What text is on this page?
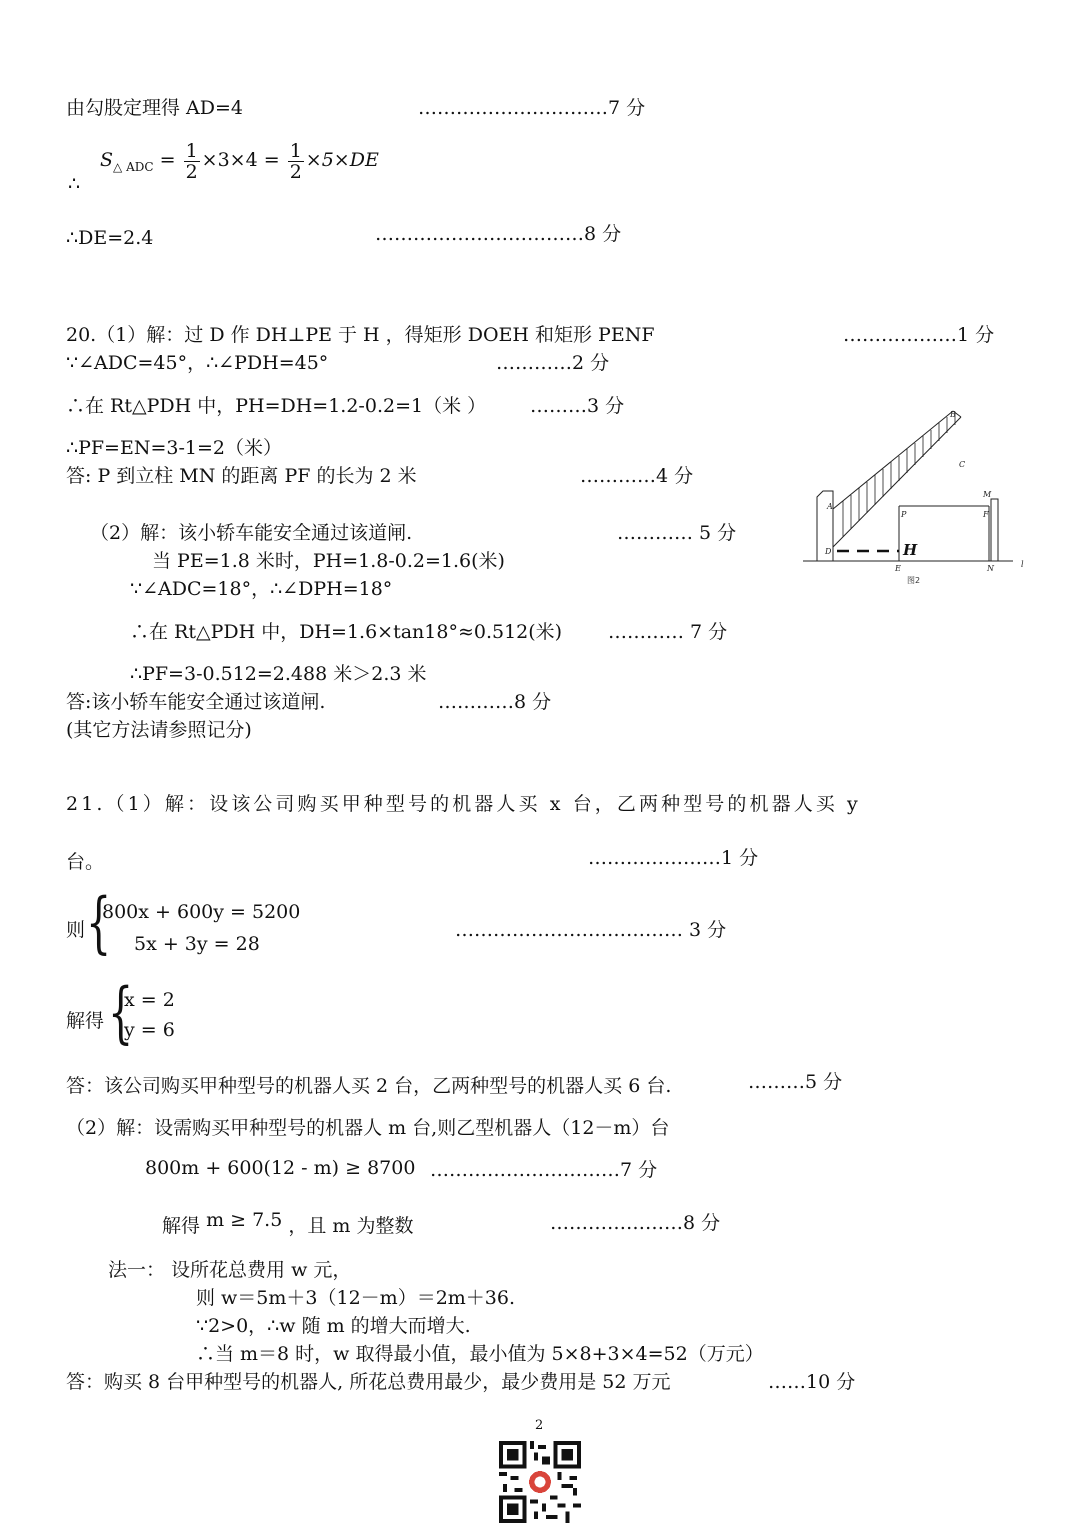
由勾股定理得 AD=4	…………………………7 分
$S_{\triangle ADC} = \frac{1}{2} \times 3\times 4 = \frac{1}{2} \times 5\times DE$
∴
∴DE=2.4	……………………………8 分
20.（1）解：过 D 作 DH⊥PE 于 H ，得矩形 DOEH 和矩形 PENF	………………1 分
∵∠ADC=45°，∴∠PDH=45°	…………2 分
∴在 Rt△PDH 中，PH=DH=1.2-0.2=1（米 ） ………3 分
∴PF=EN=3-1=2（米）
答: P 到立柱 MN 的距离 PF 的长为 2 米	…………4 分
（2）解：该小轿车能安全通过该道闸.	………… 5 分
当 PE=1.8 米时，PH=1.8-0.2=1.6(米)
∵∠ADC=18°，∴∠DPH=18°
∴在 Rt△PDH 中，DH=1.6×tan18°≈0.512(米) ………… 7 分
∴PF=3-0.512=2.488 米＞2.3 米
答:该小轿车能安全通过该道闸.	…………8 分
(其它方法请参照记分)
B
C
A
P
M
F
D
E	N	l
H
图2
21.（1）解：设该公司购买甲种型号的机器人买 x 台，乙两种型号的机器人买 y
台。	…………………1 分
则 {
800x + 600y = 5200
5x + 3y = 28
……………………………… 3 分
解得 {
x = 2
y = 6
答：该公司购买甲种型号的机器人买 2 台，乙两种型号的机器人买 6 台.	………5 分
（2）解：设需购买甲种型号的机器人 m 台,则乙型机器人（12－m）台
800m + 600(12 - m) ≥ 8700 …………………………7 分
解得 m ≥ 7.5 ，且 m 为整数	…………………8 分
法一： 设所花总费用 w 元，
则 w＝5m＋3（12－m）＝2m＋36.
∵2>0，∴w 随 m 的增大而增大.
∴当 m＝8 时，w 取得最小值，最小值为 5×8+3×4=52（万元）
答：购买 8 台甲种型号的机器人, 所花总费用最少，最少费用是 52 万元	……10 分
2
